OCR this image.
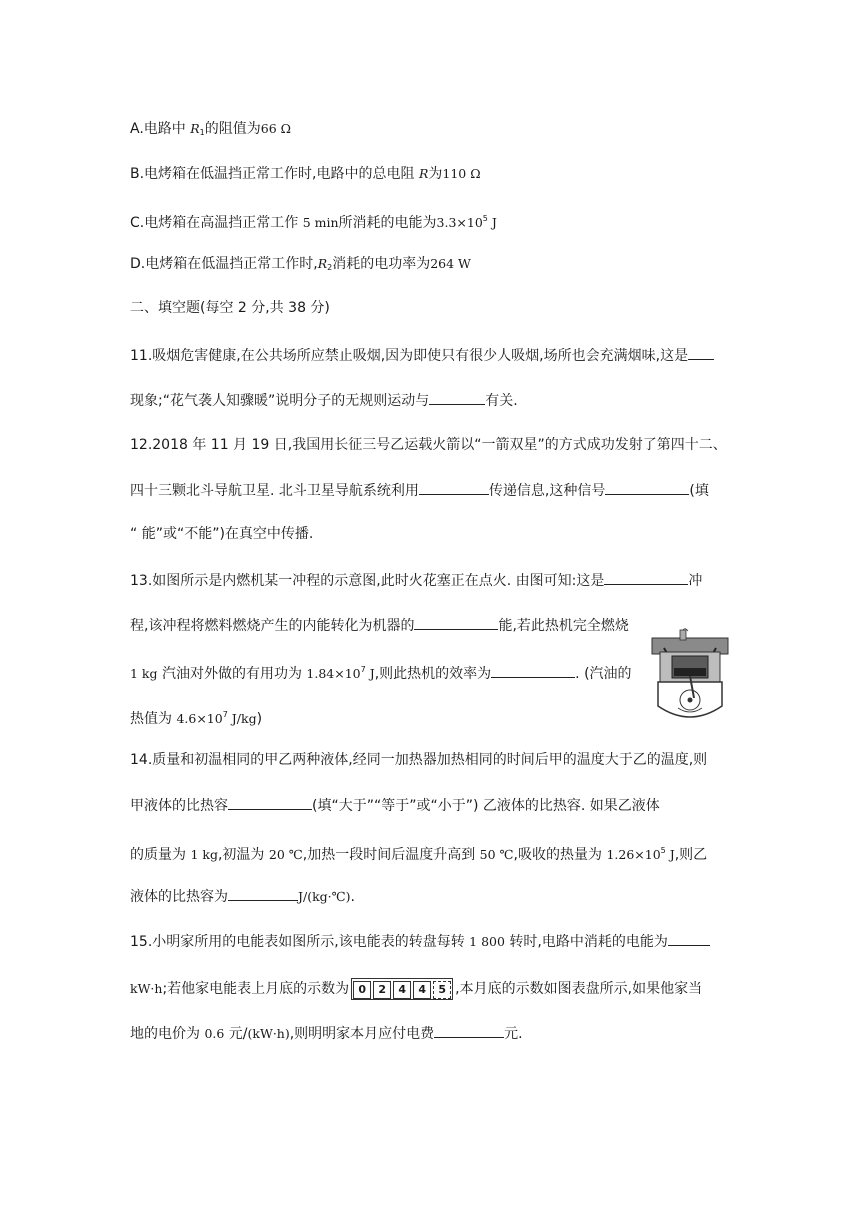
A.电路中 $R_1$的阻值为66 Ω
B.电烤箱在低温挡正常工作时,电路中的总电阻 R为110 Ω
C.电烤箱在高温挡正常工作 5 min所消耗的电能为$3.3\times 10^5$ J
D.电烤箱在低温挡正常工作时$,R_2$消耗的电功率为264 W
二、填空题(每空 2 分,共 38 分)
11.吸烟危害健康,在公共场所应禁止吸烟,因为即使只有很少人吸烟,场所也会充满烟味,这是
现象;“花气袭人知骤暖”说明分子的无规则运动与	有关.
12.2018 年 11 月 19 日,我国用长征三号乙运载火箭以“一箭双星”的方式成功发射了第四十二、
四十三颗北斗导航卫星. 北斗卫星导航系统利用	传递信息,这种信号	(填
“ 能”或“不能”)在真空中传播.
13.如图所示是内燃机某一冲程的示意图,此时火花塞正在点火. 由图可知:这是	冲
程,该冲程将燃料燃烧产生的内能转化为机器的	能,若此热机完全燃烧
1 kg 汽油对外做的有用功为 $1.84\times 10^7$ J,则此热机的效率为	. (汽油的
热值为 $4.6\times 10^7$ J/kg)
14.质量和初温相同的甲乙两种液体,经同一加热器加热相同的时间后甲的温度大于乙的温度,则
甲液体的比热容	(填“大于”“等于”或“小于”) 乙液体的比热容. 如果乙液体
的质量为 1 kg,初温为 20 ℃,加热一段时间后温度升高到 50 ℃,吸收的热量为 $1.26\times 10^5$ J,则乙
液体的比热容为	J/(kg·℃).
15.小明家所用的电能表如图所示,该电能表的转盘每转 1 800 转时,电路中消耗的电能为
kW·h;若他家电能表上月底的示数为 0 2 4 4 5 ,本月底的示数如图表盘所示,如果他家当
地的电价为 0.6 元/(kW·h),则明明家本月应付电费	元.
